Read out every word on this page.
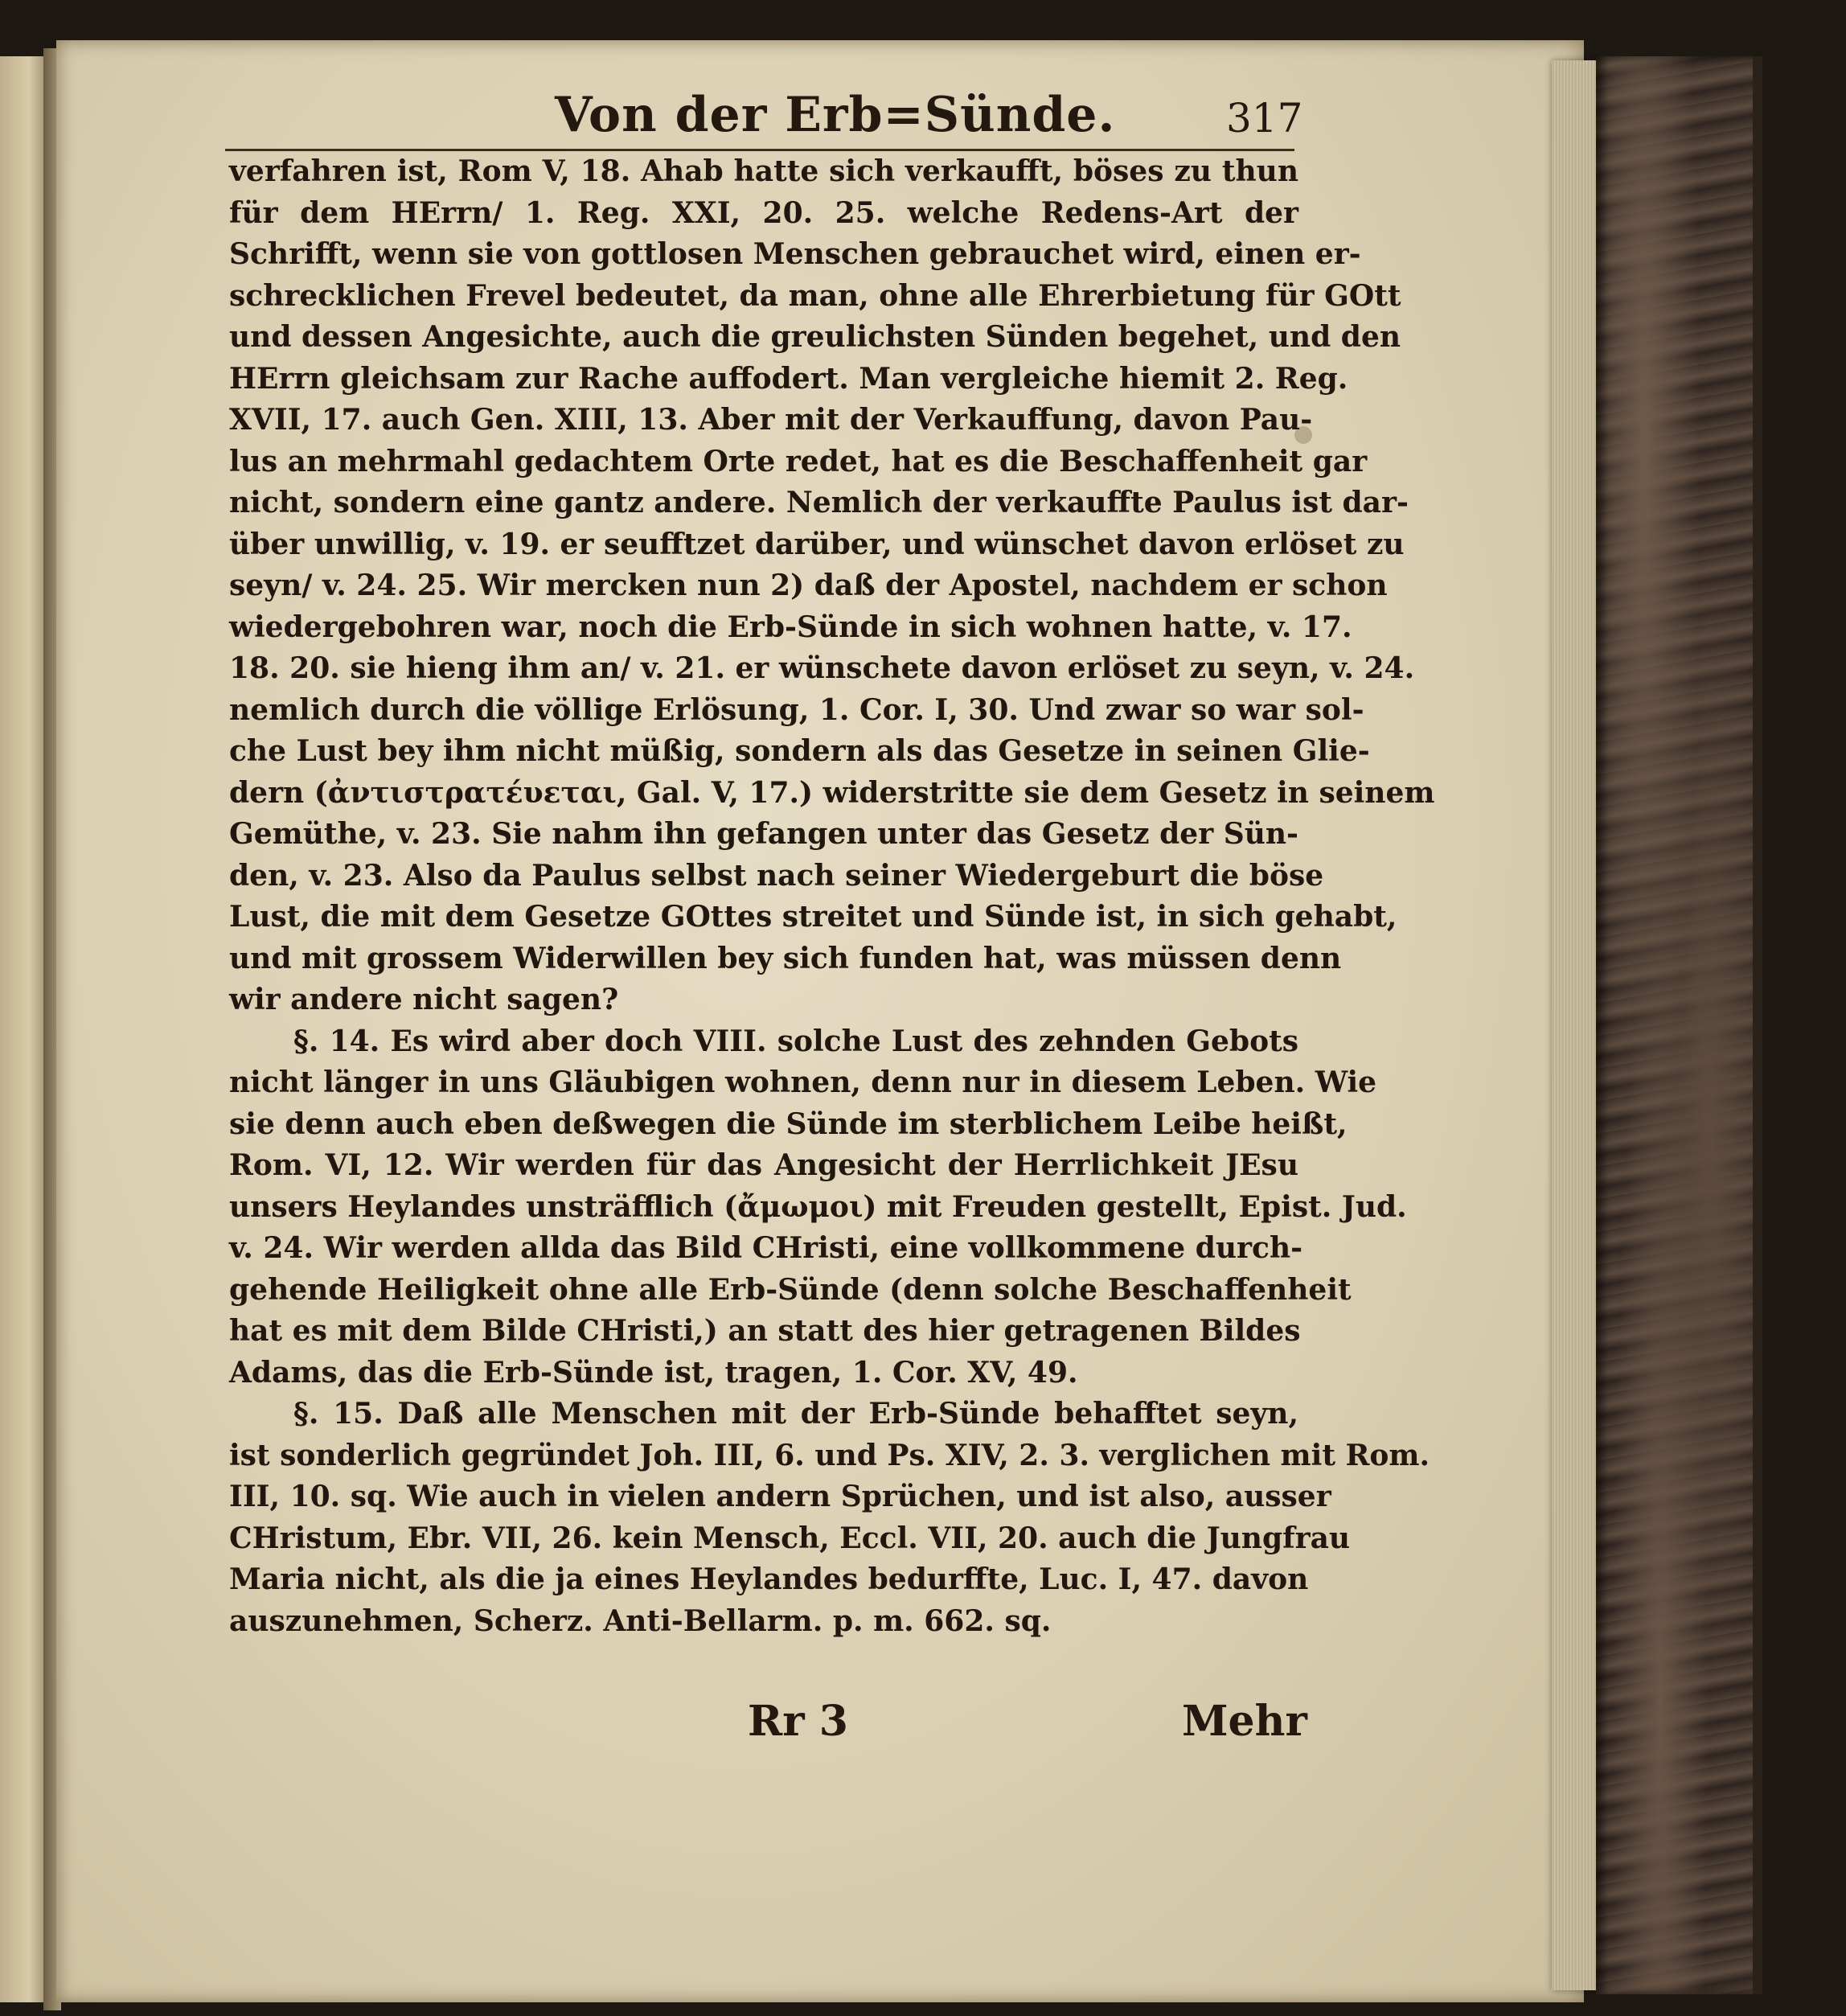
Von der Erb=Sünde.	317
verfahren ist, Rom V, 18. Ahab hatte sich verkaufft, böses zu thun
für dem HErrn/ 1. Reg. XXI, 20. 25. welche Redens-Art der
Schrifft, wenn sie von gottlosen Menschen gebrauchet wird, einen er-
schrecklichen Frevel bedeutet, da man, ohne alle Ehrerbietung für GOtt
und dessen Angesichte, auch die greulichsten Sünden begehet, und den
HErrn gleichsam zur Rache auffodert. Man vergleiche hiemit 2. Reg.
XVII, 17. auch Gen. XIII, 13. Aber mit der Verkauffung, davon Pau-
lus an mehrmahl gedachtem Orte redet, hat es die Beschaffenheit gar
nicht, sondern eine gantz andere. Nemlich der verkauffte Paulus ist dar-
über unwillig, v. 19. er seufftzet darüber, und wünschet davon erlöset zu
seyn/ v. 24. 25. Wir mercken nun 2) daß der Apostel, nachdem er schon
wiedergebohren war, noch die Erb-Sünde in sich wohnen hatte, v. 17.
18. 20. sie hieng ihm an/ v. 21. er wünschete davon erlöset zu seyn, v. 24.
nemlich durch die völlige Erlösung, 1. Cor. I, 30. Und zwar so war sol-
che Lust bey ihm nicht müßig, sondern als das Gesetze in seinen Glie-
dern (ἀντιστρατέυεται, Gal. V, 17.) widerstritte sie dem Gesetz in seinem
Gemüthe, v. 23. Sie nahm ihn gefangen unter das Gesetz der Sün-
den, v. 23. Also da Paulus selbst nach seiner Wiedergeburt die böse
Lust, die mit dem Gesetze GOttes streitet und Sünde ist, in sich gehabt,
und mit grossem Widerwillen bey sich funden hat, was müssen denn
wir andere nicht sagen?
§. 14. Es wird aber doch VIII. solche Lust des zehnden Gebots
nicht länger in uns Gläubigen wohnen, denn nur in diesem Leben. Wie
sie denn auch eben deßwegen die Sünde im sterblichem Leibe heißt,
Rom. VI, 12. Wir werden für das Angesicht der Herrlichkeit JEsu
unsers Heylandes unsträfflich (ἄμωμοι) mit Freuden gestellt, Epist. Jud.
v. 24. Wir werden allda das Bild CHristi, eine vollkommene durch-
gehende Heiligkeit ohne alle Erb-Sünde (denn solche Beschaffenheit
hat es mit dem Bilde CHristi,) an statt des hier getragenen Bildes
Adams, das die Erb-Sünde ist, tragen, 1. Cor. XV, 49.
§. 15. Daß alle Menschen mit der Erb-Sünde behafftet seyn,
ist sonderlich gegründet Joh. III, 6. und Ps. XIV, 2. 3. verglichen mit Rom.
III, 10. sq. Wie auch in vielen andern Sprüchen, und ist also, ausser
CHristum, Ebr. VII, 26. kein Mensch, Eccl. VII, 20. auch die Jungfrau
Maria nicht, als die ja eines Heylandes bedurffte, Luc. I, 47. davon
auszunehmen, Scherz. Anti-Bellarm. p. m. 662. sq.
Rr 3	Mehr
